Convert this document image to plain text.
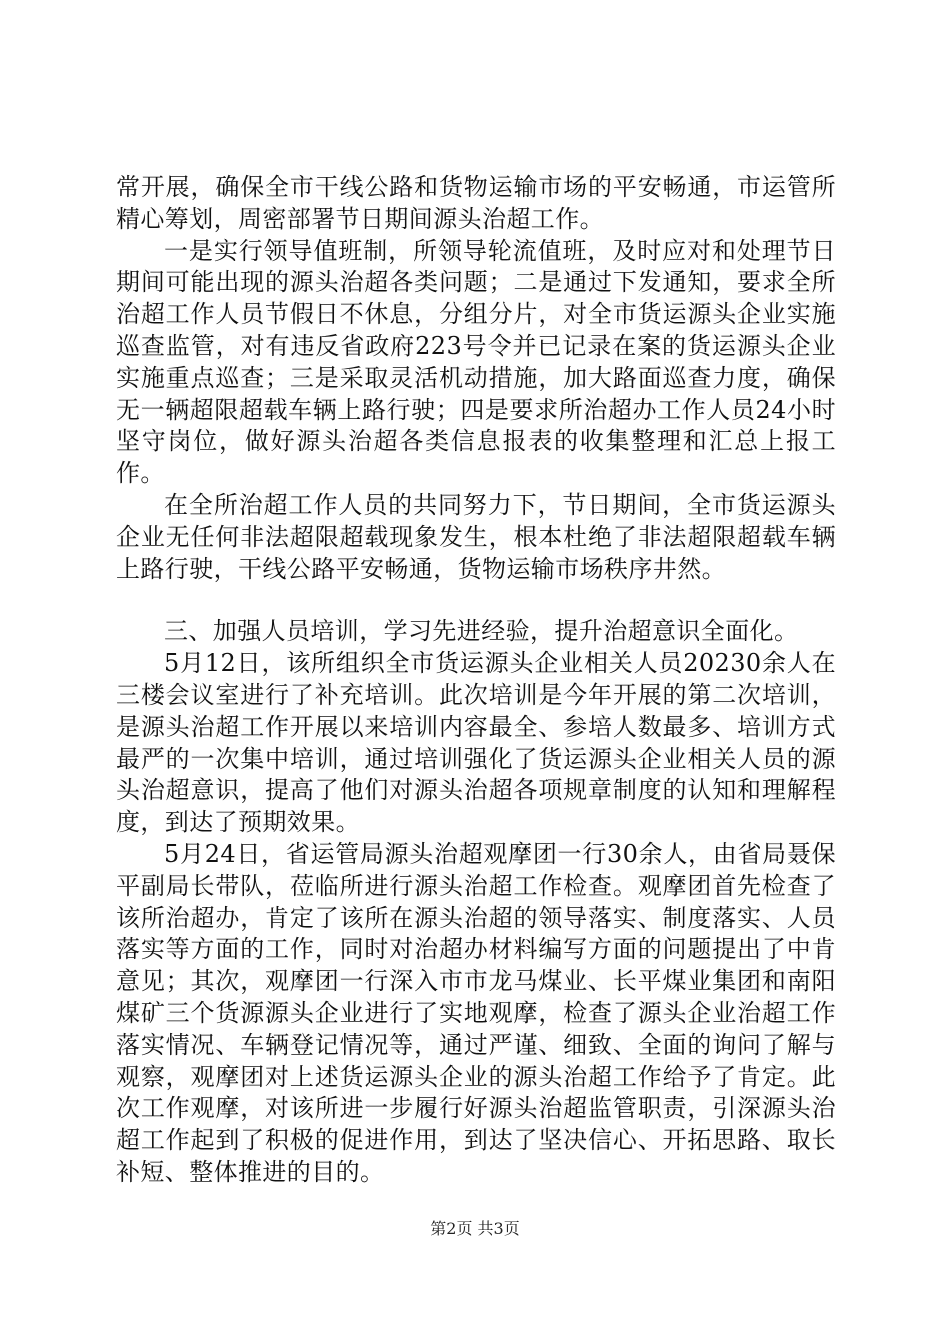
常开展，确保全市干线公路和货物运输市场的平安畅通，市运管所精心筹划，周密部署节日期间源头治超工作。

一是实行领导值班制，所领导轮流值班，及时应对和处理节日期间可能出现的源头治超各类问题；二是通过下发通知，要求全所治超工作人员节假日不休息，分组分片，对全市货运源头企业实施巡查监管，对有违反省政府223号令并已记录在案的货运源头企业实施重点巡查；三是采取灵活机动措施，加大路面巡查力度，确保无一辆超限超载车辆上路行驶；四是要求所治超办工作人员24小时坚守岗位，做好源头治超各类信息报表的收集整理和汇总上报工作。

在全所治超工作人员的共同努力下，节日期间，全市货运源头企业无任何非法超限超载现象发生，根本杜绝了非法超限超载车辆上路行驶，干线公路平安畅通，货物运输市场秩序井然。

三、加强人员培训，学习先进经验，提升治超意识全面化。

5月12日，该所组织全市货运源头企业相关人员20230余人在三楼会议室进行了补充培训。此次培训是今年开展的第二次培训，是源头治超工作开展以来培训内容最全、参培人数最多、培训方式最严的一次集中培训，通过培训强化了货运源头企业相关人员的源头治超意识，提高了他们对源头治超各项规章制度的认知和理解程度，到达了预期效果。

5月24日，省运管局源头治超观摩团一行30余人，由省局聂保平副局长带队，莅临所进行源头治超工作检查。观摩团首先检查了该所治超办，肯定了该所在源头治超的领导落实、制度落实、人员落实等方面的工作，同时对治超办材料编写方面的问题提出了中肯意见；其次，观摩团一行深入市市龙马煤业、长平煤业集团和南阳煤矿三个货源源头企业进行了实地观摩，检查了源头企业治超工作落实情况、车辆登记情况等，通过严谨、细致、全面的询问了解与观察，观摩团对上述货运源头企业的源头治超工作给予了肯定。此次工作观摩，对该所进一步履行好源头治超监管职责，引深源头治超工作起到了积极的促进作用，到达了坚决信心、开拓思路、取长补短、整体推进的目的。

第2页 共3页
